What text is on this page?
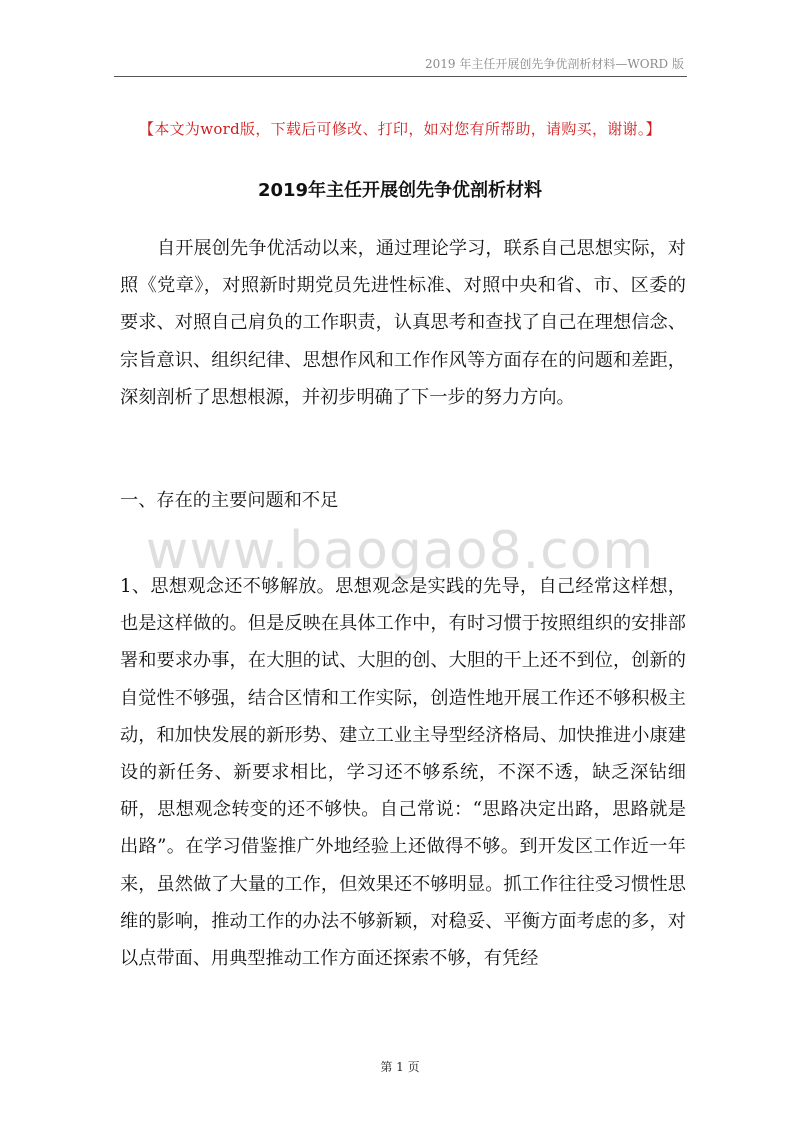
2019 年主任开展创先争优剖析材料—WORD 版
【本文为word版，下载后可修改、打印，如对您有所帮助，请购买，谢谢。】
2019年主任开展创先争优剖析材料
自开展创先争优活动以来，通过理论学习，联系自己思想实际，对照《党章》，对照新时期党员先进性标准、对照中央和省、市、区委的要求、对照自己肩负的工作职责，认真思考和查找了自己在理想信念、宗旨意识、组织纪律、思想作风和工作作风等方面存在的问题和差距，深刻剖析了思想根源，并初步明确了下一步的努力方向。
一、存在的主要问题和不足
www.baogao8.com
1、思想观念还不够解放。思想观念是实践的先导，自己经常这样想，也是这样做的。但是反映在具体工作中，有时习惯于按照组织的安排部署和要求办事，在大胆的试、大胆的创、大胆的干上还不到位，创新的自觉性不够强，结合区情和工作实际，创造性地开展工作还不够积极主动，和加快发展的新形势、建立工业主导型经济格局、加快推进小康建设的新任务、新要求相比，学习还不够系统，不深不透，缺乏深钻细研，思想观念转变的还不够快。自己常说：“思路决定出路，思路就是出路”。在学习借鉴推广外地经验上还做得不够。到开发区工作近一年来，虽然做了大量的工作，但效果还不够明显。抓工作往往受习惯性思维的影响，推动工作的办法不够新颖，对稳妥、平衡方面考虑的多，对以点带面、用典型推动工作方面还探索不够，有凭经
第 1 页
